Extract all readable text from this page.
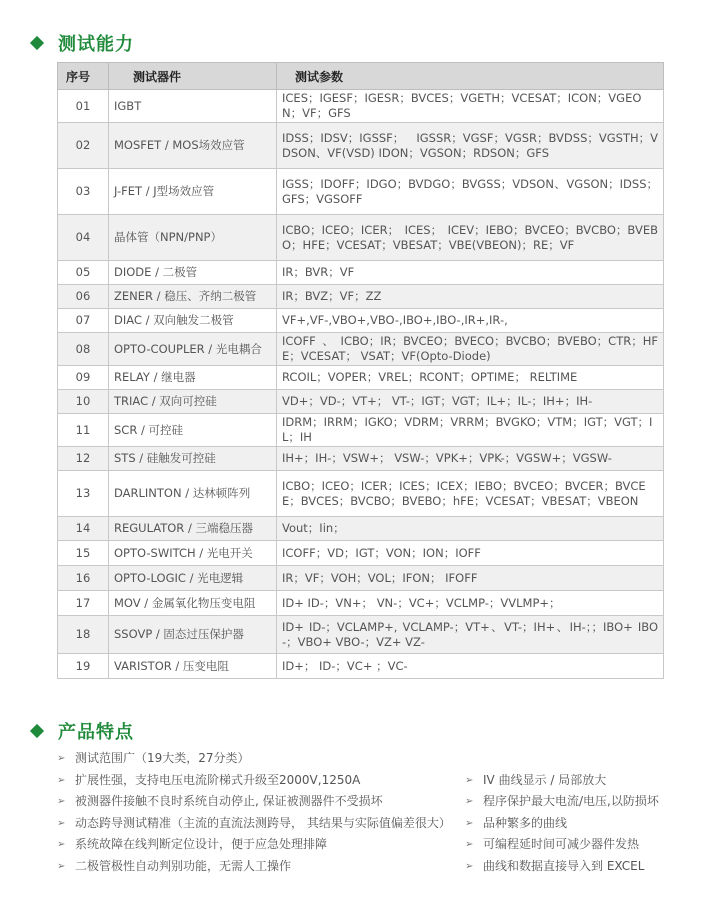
测试能力
序号	测试器件	测试参数
01	IGBT	ICES；IGESF；IGESR；BVCES；VGETH；VCESAT；ICON；VGEON；VF；GFS
02	MOSFET / MOS场效应管	IDSS；IDSV；IGSSF； IGSSR；VGSF；VGSR；BVDSS；VGSTH；VDSON、VF(VSD) IDON；VGSON；RDSON；GFS
03	J-FET / J型场效应管	IGSS；IDOFF；IDGO；BVDGO；BVGSS；VDSON、VGSON；IDSS；GFS；VGSOFF
04	晶体管（NPN/PNP）	ICBO；ICEO；ICER； ICES； ICEV；IEBO；BVCEO；BVCBO；BVEBO；HFE；VCESAT；VBESAT；VBE(VBEON)；RE；VF
05	DIODE / 二极管	IR；BVR；VF
06	ZENER / 稳压、齐纳二极管	IR；BVZ；VF；ZZ
07	DIAC / 双向触发二极管	VF+,VF-,VBO+,VBO-,IBO+,IBO-,IR+,IR-,
08	OPTO-COUPLER / 光电耦合	ICOFF、ICBO；IR；BVCEO；BVECO；BVCBO；BVEBO；CTR；HFE；VCESAT； VSAT；VF(Opto-Diode)
09	RELAY / 继电器	RCOIL；VOPER；VREL；RCONT；OPTIME； RELTIME
10	TRIAC / 双向可控硅	VD+；VD-；VT+； VT-；IGT；VGT；IL+；IL-；IH+；IH-
11	SCR / 可控硅	IDRM；IRRM；IGKO；VDRM；VRRM；BVGKO；VTM；IGT；VGT；IL；IH
12	STS / 硅触发可控硅	IH+；IH-；VSW+； VSW-；VPK+；VPK-；VGSW+；VGSW-
13	DARLINTON / 达林顿阵列	ICBO；ICEO；ICER；ICES；ICEX；IEBO；BVCEO；BVCER；BVCEE；BVCES；BVCBO；BVEBO；hFE；VCESAT；VBESAT；VBEON
14	REGULATOR / 三端稳压器	Vout；Iin；
15	OPTO-SWITCH / 光电开关	ICOFF；VD；IGT；VON；ION；IOFF
16	OPTO-LOGIC / 光电逻辑	IR；VF；VOH；VOL；IFON； IFOFF
17	MOV / 金属氧化物压变电阻	ID+ ID-；VN+； VN-；VC+；VCLMP-；VVLMP+；
18	SSOVP / 固态过压保护器	ID+ ID-；VCLAMP+, VCLAMP-；VT+、VT-；IH+、IH-；；IBO+ IBO-；VBO+ VBO-；VZ+ VZ-
19	VARISTOR / 压变电阻	ID+； ID-；VC+ ；VC-
产品特点
➢ 测试范围广（19大类，27分类）
➢ 扩展性强，支持电压电流阶梯式升级至2000V,1250A
➢ 被测器件接触不良时系统自动停止, 保证被测器件不受损坏
➢ 动态跨导测试精准（主流的直流法测跨导， 其结果与实际值偏差很大）
➢ 系统故障在线判断定位设计，便于应急处理排障
➢ 二极管极性自动判别功能，无需人工操作
➢ IV 曲线显示 / 局部放大
➢ 程序保护最大电流/电压,以防损坏
➢ 品种繁多的曲线
➢ 可编程延时间可减少器件发热
➢ 曲线和数据直接导入到 EXCEL
